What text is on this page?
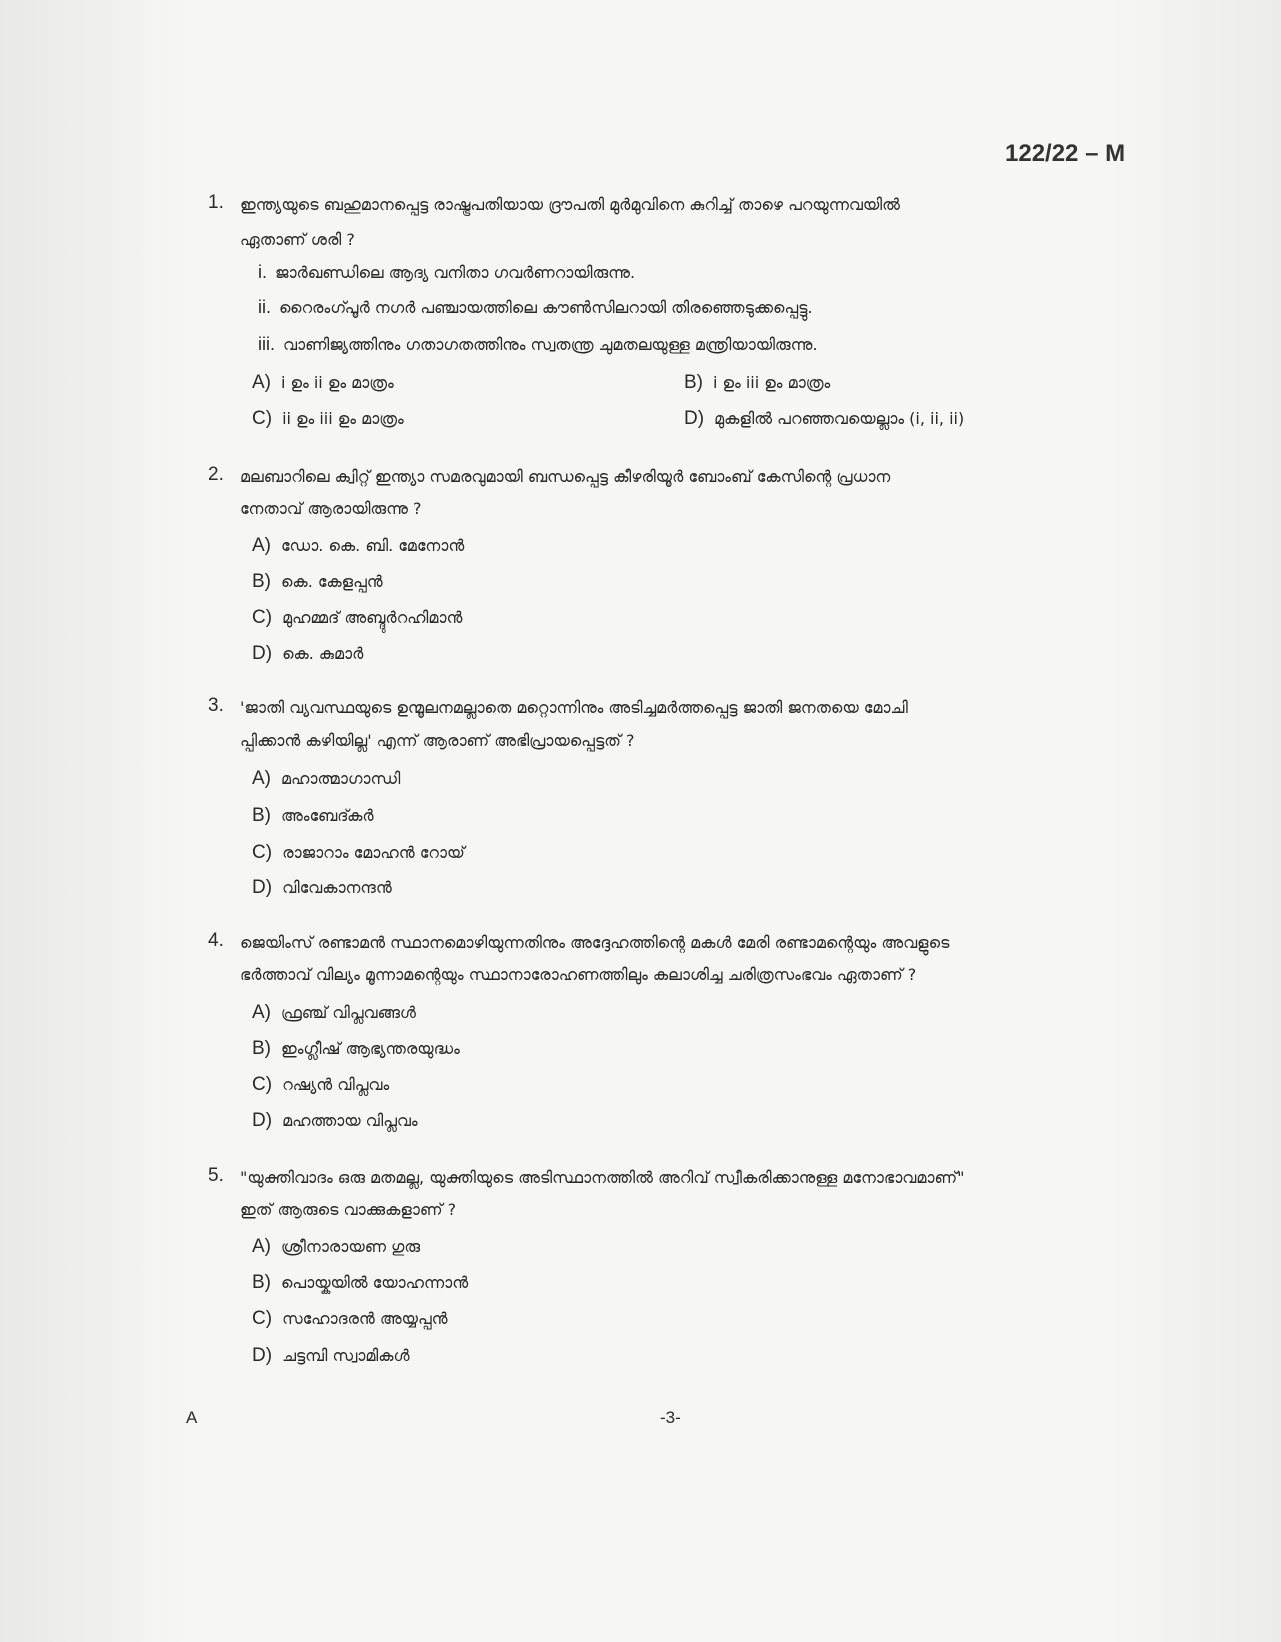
122/22 – M
1. ഇന്ത്യയുടെ ബഹുമാനപ്പെട്ട രാഷ്ട്രപതിയായ ദ്രൗപതി മുർമുവിനെ കുറിച്ച് താഴെ പറയുന്നവയിൽ
ഏതാണ് ശരി ?
i. ജാർഖണ്ഡിലെ ആദ്യ വനിതാ ഗവർണറായിരുന്നു.
ii. റൈരംഗ്പൂർ നഗർ പഞ്ചായത്തിലെ കൗൺസിലറായി തിരഞ്ഞെടുക്കപ്പെട്ടു.
iii. വാണിജ്യത്തിനും ഗതാഗതത്തിനും സ്വതന്ത്ര ചുമതലയുള്ള മന്ത്രിയായിരുന്നു.
A) i ഉം ii ഉം മാത്രം	B) i ഉം iii ഉം മാത്രം
C) ii ഉം iii ഉം മാത്രം	D) മുകളിൽ പറഞ്ഞവയെല്ലാം (i, ii, ii)
2. മലബാറിലെ ക്വിറ്റ് ഇന്ത്യാ സമരവുമായി ബന്ധപ്പെട്ട കീഴരിയൂർ ബോംബ് കേസിന്റെ പ്രധാന
നേതാവ് ആരായിരുന്നു ?
A) ഡോ. കെ. ബി. മേനോൻ
B) കെ. കേളപ്പൻ
C) മുഹമ്മദ് അബ്ദുർറഹിമാൻ
D) കെ. കുമാർ
3. 'ജാതി വ്യവസ്ഥയുടെ ഉന്മൂലനമല്ലാതെ മറ്റൊന്നിനും അടിച്ചമർത്തപ്പെട്ട ജാതി ജനതയെ മോചി
പ്പിക്കാൻ കഴിയില്ല' എന്ന് ആരാണ് അഭിപ്രായപ്പെട്ടത് ?
A) മഹാത്മാഗാന്ധി
B) അംബേദ്കർ
C) രാജാറാം മോഹൻ റോയ്
D) വിവേകാനന്ദൻ
4. ജെയിംസ് രണ്ടാമൻ സ്ഥാനമൊഴിയുന്നതിനും അദ്ദേഹത്തിന്റെ മകൾ മേരി രണ്ടാമന്റെയും അവളുടെ
ഭർത്താവ് വില്യം മൂന്നാമന്റെയും സ്ഥാനാരോഹണത്തിലും കലാശിച്ച ചരിത്രസംഭവം ഏതാണ് ?
A) ഫ്രഞ്ച് വിപ്ലവങ്ങൾ
B) ഇംഗ്ലീഷ് ആഭ്യന്തരയുദ്ധം
C) റഷ്യൻ വിപ്ലവം
D) മഹത്തായ വിപ്ലവം
5. "യുക്തിവാദം ഒരു മതമല്ല, യുക്തിയുടെ അടിസ്ഥാനത്തിൽ അറിവ് സ്വീകരിക്കാനുള്ള മനോഭാവമാണ്"
ഇത് ആരുടെ വാക്കുകളാണ് ?
A) ശ്രീനാരായണ ഗുരു
B) പൊയ്കയിൽ യോഹന്നാൻ
C) സഹോദരൻ അയ്യപ്പൻ
D) ചട്ടമ്പി സ്വാമികൾ
A	-3-
